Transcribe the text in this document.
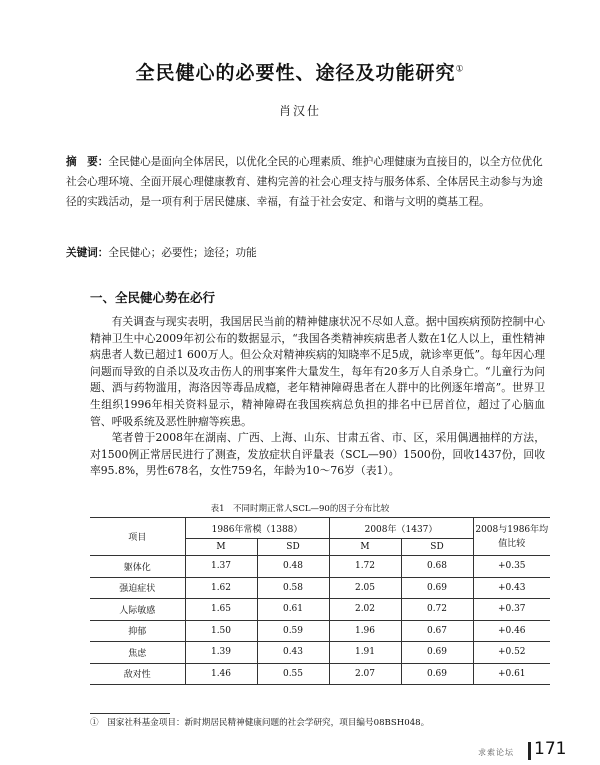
全民健心的必要性、途径及功能研究①
肖汉仕
摘　要：全民健心是面向全体居民，以优化全民的心理素质、维护心理健康为直接目的，以全方位优化社会心理环境、全面开展心理健康教育、建构完善的社会心理支持与服务体系、全体居民主动参与为途径的实践活动，是一项有利于居民健康、幸福，有益于社会安定、和谐与文明的奠基工程。
关键词：全民健心；必要性；途径；功能
一、全民健心势在必行

有关调查与现实表明，我国居民当前的精神健康状况不尽如人意。据中国疾病预防控制中心精神卫生中心2009年初公布的数据显示，“我国各类精神疾病患者人数在1亿人以上，重性精神病患者人数已超过1 600万人。但公众对精神疾病的知晓率不足5成，就诊率更低”。每年因心理问题而导致的自杀以及攻击伤人的刑事案件大量发生，每年有20多万人自杀身亡。“儿童行为问题、酒与药物滥用，海洛因等毒品成瘾，老年精神障碍患者在人群中的比例逐年增高”。世界卫生组织1996年相关资料显示，精神障碍在我国疾病总负担的排名中已居首位，超过了心脑血管、呼吸系统及恶性肿瘤等疾患。

笔者曾于2008年在湖南、广西、上海、山东、甘肃五省、市、区，采用偶遇抽样的方法，对1500例正常居民进行了测查，发放症状自评量表（SCL—90）1500份，回收1437份，回收率95.8%，男性678名，女性759名，年龄为10～76岁（表1）。

表1　不同时期正常人SCL—90的因子分布比较
项目	1986年常模（1388）		2008年（1437）		2008与1986年均值比较
	M	SD	M	SD	
躯体化	1.37	0.48	1.72	0.68	+0.35
强迫症状	1.62	0.58	2.05	0.69	+0.43
人际敏感	1.65	0.61	2.02	0.72	+0.37
抑郁	1.50	0.59	1.96	0.67	+0.46
焦虑	1.39	0.43	1.91	0.69	+0.52
敌对性	1.46	0.55	2.07	0.69	+0.61
①　国家社科基金项目：新时期居民精神健康问题的社会学研究，项目编号08BSH048。
求索论坛 171
